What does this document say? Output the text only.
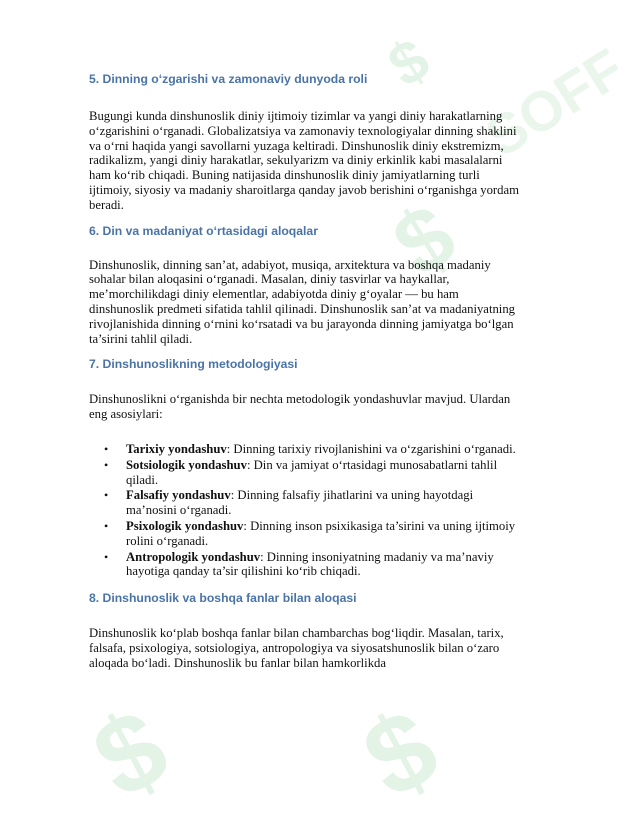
$ SOFF
$
$ $
5. Dinning o‘zgarishi va zamonaviy dunyoda roli

Bugungi kunda dinshunoslik diniy ijtimoiy tizimlar va yangi diniy harakatlarning o‘zgarishini o‘rganadi. Globalizatsiya va zamonaviy texnologiyalar dinning shaklini va o‘rni haqida yangi savollarni yuzaga keltiradi. Dinshunoslik diniy ekstremizm, radikalizm, yangi diniy harakatlar, sekulyarizm va diniy erkinlik kabi masalalarni ham ko‘rib chiqadi. Buning natijasida dinshunoslik diniy jamiyatlarning turli ijtimoiy, siyosiy va madaniy sharoitlarga qanday javob berishini o‘rganishga yordam beradi.

6. Din va madaniyat o‘rtasidagi aloqalar

Dinshunoslik, dinning san’at, adabiyot, musiqa, arxitektura va boshqa madaniy sohalar bilan aloqasini o‘rganadi. Masalan, diniy tasvirlar va haykallar, me’morchilikdagi diniy elementlar, adabiyotda diniy g‘oyalar — bu ham dinshunoslik predmeti sifatida tahlil qilinadi. Dinshunoslik san’at va madaniyatning rivojlanishida dinning o‘rnini ko‘rsatadi va bu jarayonda dinning jamiyatga bo‘lgan ta’sirini tahlil qiladi.

7. Dinshunoslikning metodologiyasi

Dinshunoslikni o‘rganishda bir nechta metodologik yondashuvlar mavjud. Ulardan eng asosiylari:

• Tarixiy yondashuv: Dinning tarixiy rivojlanishini va o‘zgarishini o‘rganadi.
• Sotsiologik yondashuv: Din va jamiyat o‘rtasidagi munosabatlarni tahlil qiladi.
• Falsafiy yondashuv: Dinning falsafiy jihatlarini va uning hayotdagi ma’nosini o‘rganadi.
• Psixologik yondashuv: Dinning inson psixikasiga ta’sirini va uning ijtimoiy rolini o‘rganadi.
• Antropologik yondashuv: Dinning insoniyatning madaniy va ma’naviy hayotiga qanday ta’sir qilishini ko‘rib chiqadi.
8. Dinshunoslik va boshqa fanlar bilan aloqasi

Dinshunoslik ko‘plab boshqa fanlar bilan chambarchas bog‘liqdir. Masalan, tarix, falsafa, psixologiya, sotsiologiya, antropologiya va siyosatshunoslik bilan o‘zaro aloqada bo‘ladi. Dinshunoslik bu fanlar bilan hamkorlikda
